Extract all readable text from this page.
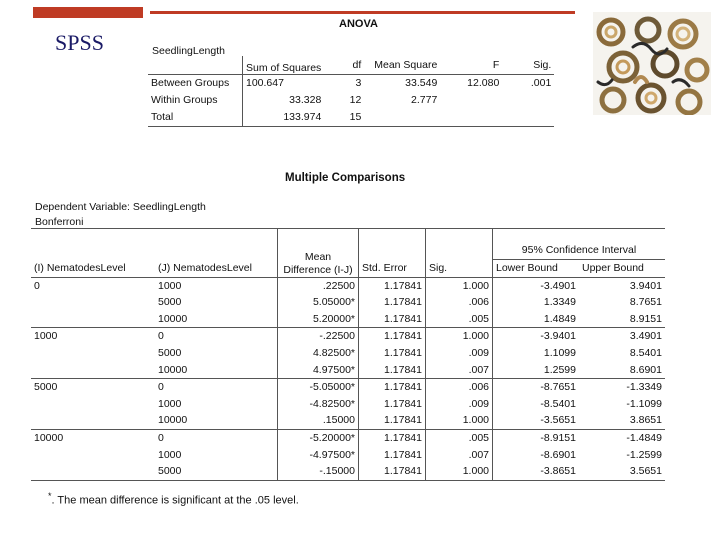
SPSS
ANOVA
SeedlingLength
	Sum of Squares	df	Mean Square	F	Sig.
Between Groups	100.647	3	33.549	12.080	.001
Within Groups	33.328	12	2.777		
Total	133.974	15			
Multiple Comparisons
Dependent Variable: SeedlingLength
Bonferroni
(I) NematodesLevel	(J) NematodesLevel	Mean Difference (I-J)	Std. Error	Sig.	95% Confidence Interval	
					Lower Bound	Upper Bound
0	1000	.22500	1.17841	1.000	-3.4901	3.9401
	5000	5.05000*	1.17841	.006	1.3349	8.7651
	10000	5.20000*	1.17841	.005	1.4849	8.9151
1000	0	-.22500	1.17841	1.000	-3.9401	3.4901
	5000	4.82500*	1.17841	.009	1.1099	8.5401
	10000	4.97500*	1.17841	.007	1.2599	8.6901
5000	0	-5.05000*	1.17841	.006	-8.7651	-1.3349
	1000	-4.82500*	1.17841	.009	-8.5401	-1.1099
	10000	.15000	1.17841	1.000	-3.5651	3.8651
10000	0	-5.20000*	1.17841	.005	-8.9151	-1.4849
	1000	-4.97500*	1.17841	.007	-8.6901	-1.2599
	5000	-.15000	1.17841	1.000	-3.8651	3.5651
*. The mean difference is significant at the .05 level.
